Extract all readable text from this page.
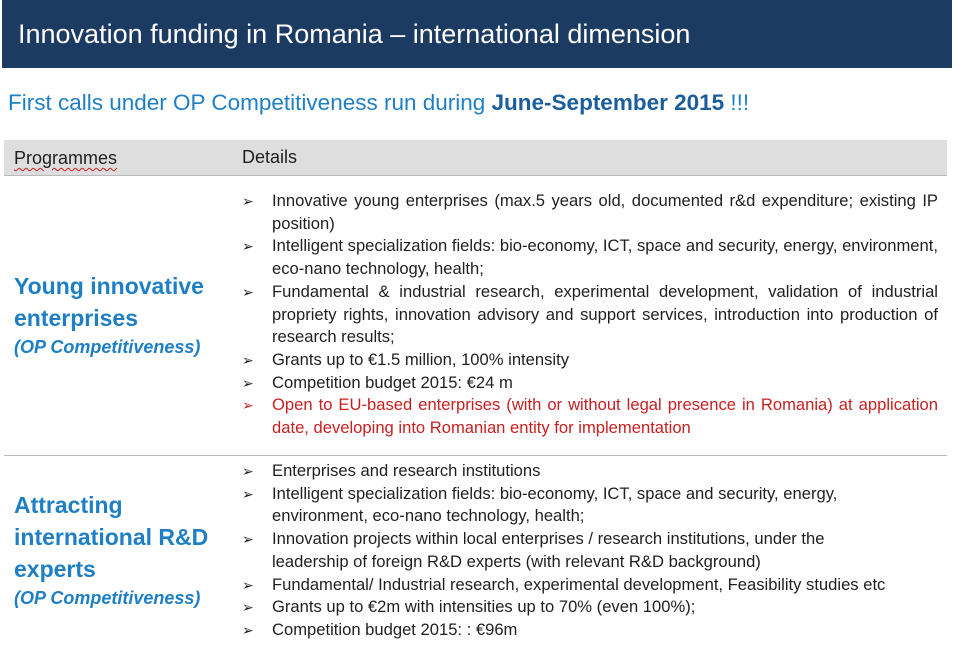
Innovation funding in Romania – international dimension
First calls under OP Competitiveness run during June-September 2015 !!!
Programmes	Details
Young innovative enterprises
(OP Competitiveness)
➢ Innovative young enterprises (max.5 years old, documented r&d expenditure; existing IP position)
➢ Intelligent specialization fields: bio-economy, ICT, space and security, energy, environment, eco-nano technology, health;
➢ Fundamental & industrial research, experimental development, validation of industrial propriety rights, innovation advisory and support services, introduction into production of research results;
➢ Grants up to €1.5 million, 100% intensity
➢ Competition budget 2015: €24 m
➢ Open to EU-based enterprises (with or without legal presence in Romania) at application date, developing into Romanian entity for implementation
Attracting international R&D experts
(OP Competitiveness)
➢ Enterprises and research institutions
➢ Intelligent specialization fields: bio-economy, ICT, space and security, energy, environment, eco-nano technology, health;
➢ Innovation projects within local enterprises / research institutions, under the leadership of foreign R&D experts (with relevant R&D background)
➢ Fundamental/ Industrial research, experimental development, Feasibility studies etc
➢ Grants up to €2m with intensities up to 70% (even 100%);
➢ Competition budget 2015: : €96m
